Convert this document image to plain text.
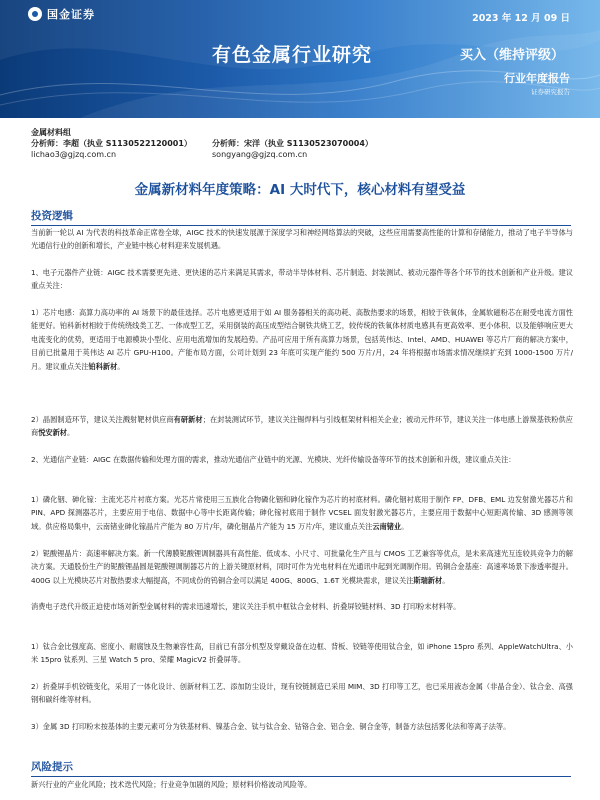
国金证券	2023 年 12 月 09 日
有色金属行业研究	买入（维持评级）
行业年度报告
证券研究报告
金属材料组
分析师：李超（执业 S1130522120001）
lichao3@gjzq.com.cn
分析师：宋洋（执业 S1130523070004）
songyang@gjzq.com.cn
金属新材料年度策略：AI 大时代下，核心材料有望受益
投资逻辑
当前新一轮以 AI 为代表的科技革命正席卷全球，AIGC 技术的快速发展源于深度学习和神经网络算法的突破，这些应用需要高性能的计算和存储能力，推动了电子半导体与光通信行业的创新和增长，产业链中核心材料迎来发展机遇。
1、电子元器件产业链：AIGC 技术需要更先进、更快速的芯片来满足其需求，带动半导体材料、芯片制造、封装测试、被动元器件等各个环节的技术创新和产业升级。建议重点关注：
1）芯片电感：高算力高功率的 AI 场景下的最佳选择。芯片电感更适用于如 AI 服务器相关的高功耗、高散热要求的场景，相较于铁氧体，金属软磁粉芯在耐受电流方面性能更好。铂科新材相较于传统绕线类工艺、一体成型工艺，采用倒装的高压成型结合铜铁共烧工艺，较传统的铁氧体材质电感具有更高效率、更小体积、以及能够响应更大电流变化的优势，更适用于电源模块小型化、应用电流增加的发展趋势。产品可应用于所有高算力场景，包括英伟达、Intel、AMD、HUAWEI 等芯片厂商的解决方案中，目前已批量用于英伟达 AI 芯片 GPU-H100。产能布局方面，公司计划到 23 年底可实现产能约 500 万片/月，24 年将根据市场需求情况继续扩充到 1000-1500 万片/月。建议重点关注铂科新材。
2）晶圆制造环节，建议关注溅射靶材供应商有研新材；在封装测试环节，建议关注锡焊料与引线框架材料相关企业；被动元件环节，建议关注一体电感上游羰基铁粉供应商悦安新材。
2、光通信产业链：AIGC 在数据传输和处理方面的需求，推动光通信产业链中的光源、光模块、光纤传输设备等环节的技术创新和升级，建议重点关注：
1）磷化铟、砷化镓：主流光芯片衬底方案。光芯片常使用三五族化合物磷化铟和砷化镓作为芯片的衬底材料。磷化铟衬底用于制作 FP、DFB、EML 边发射激光器芯片和 PIN、APD 探测器芯片，主要应用于电信、数据中心等中长距离传输；砷化镓衬底用于制作 VCSEL 面发射激光器芯片，主要应用于数据中心短距离传输、3D 感测等领域。供应格局集中，云南锗业砷化镓晶片产能为 80 万片/年，磷化铟晶片产能为 15 万片/年，建议重点关注云南锗业。
2）铌酸锂晶片：高速率解决方案。新一代薄膜铌酸锂调制器具有高性能、低成本、小尺寸、可批量化生产且与 CMOS 工艺兼容等优点，是未来高速光互连较具竞争力的解决方案。天通股份生产的铌酸锂晶圆是铌酸锂调制器芯片的上游关键原材料，同时可作为光电材料在光通讯中起到光调制作用。钨铜合金基座：高速率场景下渗透率提升。400G 以上光模块芯片对散热要求大幅提高，不同成份的钨铜合金可以满足 400G、800G、1.6T 光模块需求，建议关注斯瑞新材。
消费电子迭代升级正迫使市场对新型金属材料的需求迅速增长，建议关注手机中框钛合金材料、折叠屏铰链材料、3D 打印粉末材料等。
1）钛合金比强度高、密度小、耐腐蚀及生物兼容性高，目前已有部分机型及穿戴设备在边框、背板、铰链等使用钛合金，如 iPhone 15pro 系列、AppleWatchUltra、小米 15pro 钛系列、三星 Watch 5 pro、荣耀 MagicV2 折叠屏等。
2）折叠屏手机铰链变化，采用了一体化设计、创新材料工艺、添加防尘设计，现有铰链制造已采用 MIM、3D 打印等工艺，也已采用液态金属（非晶合金）、钛合金、高强钢和碳纤维等材料。
3）金属 3D 打印粉末按基体的主要元素可分为铁基材料、镍基合金、钛与钛合金、钴铬合金、铝合金、铜合金等，制备方法包括雾化法和等离子法等。
风险提示
新兴行业的产业化风险；技术迭代风险；行业竞争加剧的风险；原材料价格波动风险等。
